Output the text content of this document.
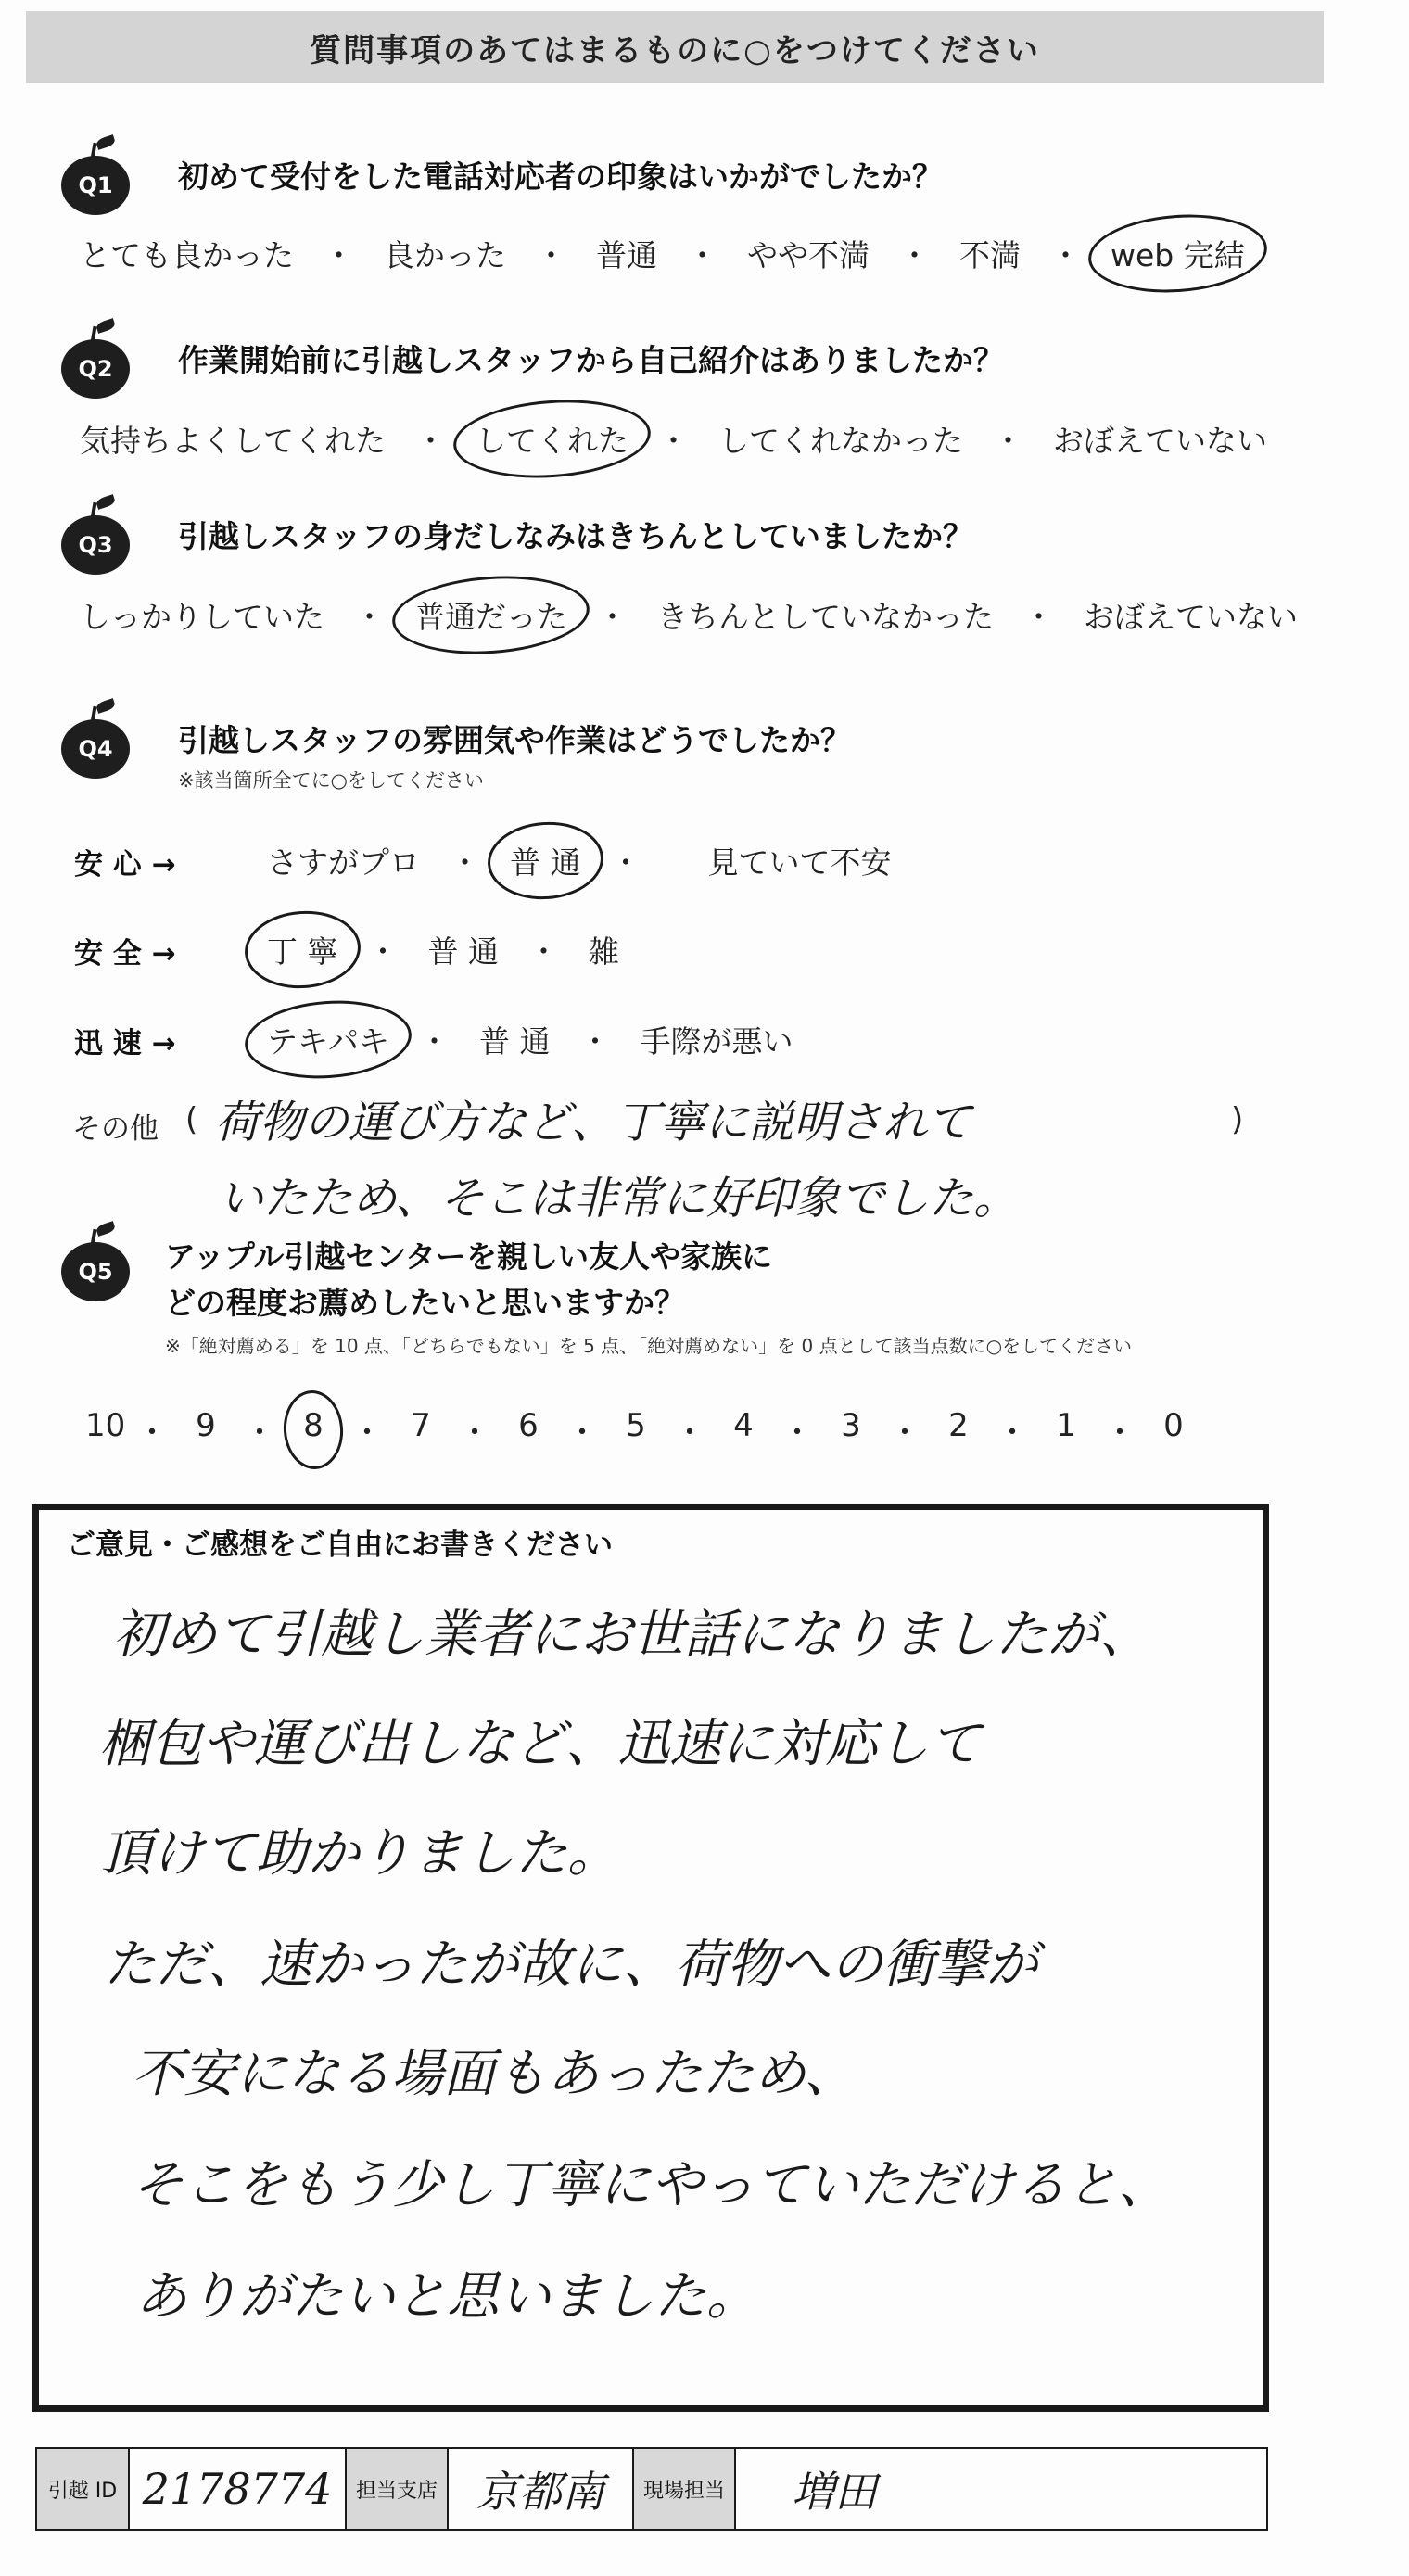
質問事項のあてはまるものに○をつけてください
Q1 初めて受付をした電話対応者の印象はいかがでしたか？
とても良かった ・ 良かった ・ 普通 ・ やや不満 ・ 不満 ・ web 完結
Q2 作業開始前に引越しスタッフから自己紹介はありましたか？
気持ちよくしてくれた ・ してくれた ・ してくれなかった ・ おぼえていない
Q3 引越しスタッフの身だしなみはきちんとしていましたか？
しっかりしていた ・ 普通だった ・ きちんとしていなかった ・ おぼえていない
Q4 引越しスタッフの雰囲気や作業はどうでしたか？
※該当箇所全てに○をしてください
安 心 →	さすがプロ ・ 普 通 ・ 見ていて不安
安 全 →	丁 寧 ・ 普 通 ・ 雑
迅 速 →	テキパキ ・ 普 通 ・ 手際が悪い
その他 (	)
荷物の運び方など、丁寧に説明されて
いたため、そこは非常に好印象でした。
Q5 アップル引越センターを親しい友人や家族に
どの程度お薦めしたいと思いますか？
※「絶対薦める」を 10 点、「どちらでもない」を 5 点、「絶対薦めない」を 0 点として該当点数に○をしてください
10 ・ 9 ・ 8 ・ 7 ・ 6 ・ 5 ・ 4 ・ 3 ・ 2 ・ 1 ・ 0
ご意見・ご感想をご自由にお書きください
初めて引越し業者にお世話になりましたが、
梱包や運び出しなど、迅速に対応して
頂けて助かりました。
ただ、速かったが故に、荷物への衝撃が
不安になる場面もあったため、
そこをもう少し丁寧にやっていただけると、
ありがたいと思いました。
引越 ID 2178774	担当支店 京都南	現場担当	増田
